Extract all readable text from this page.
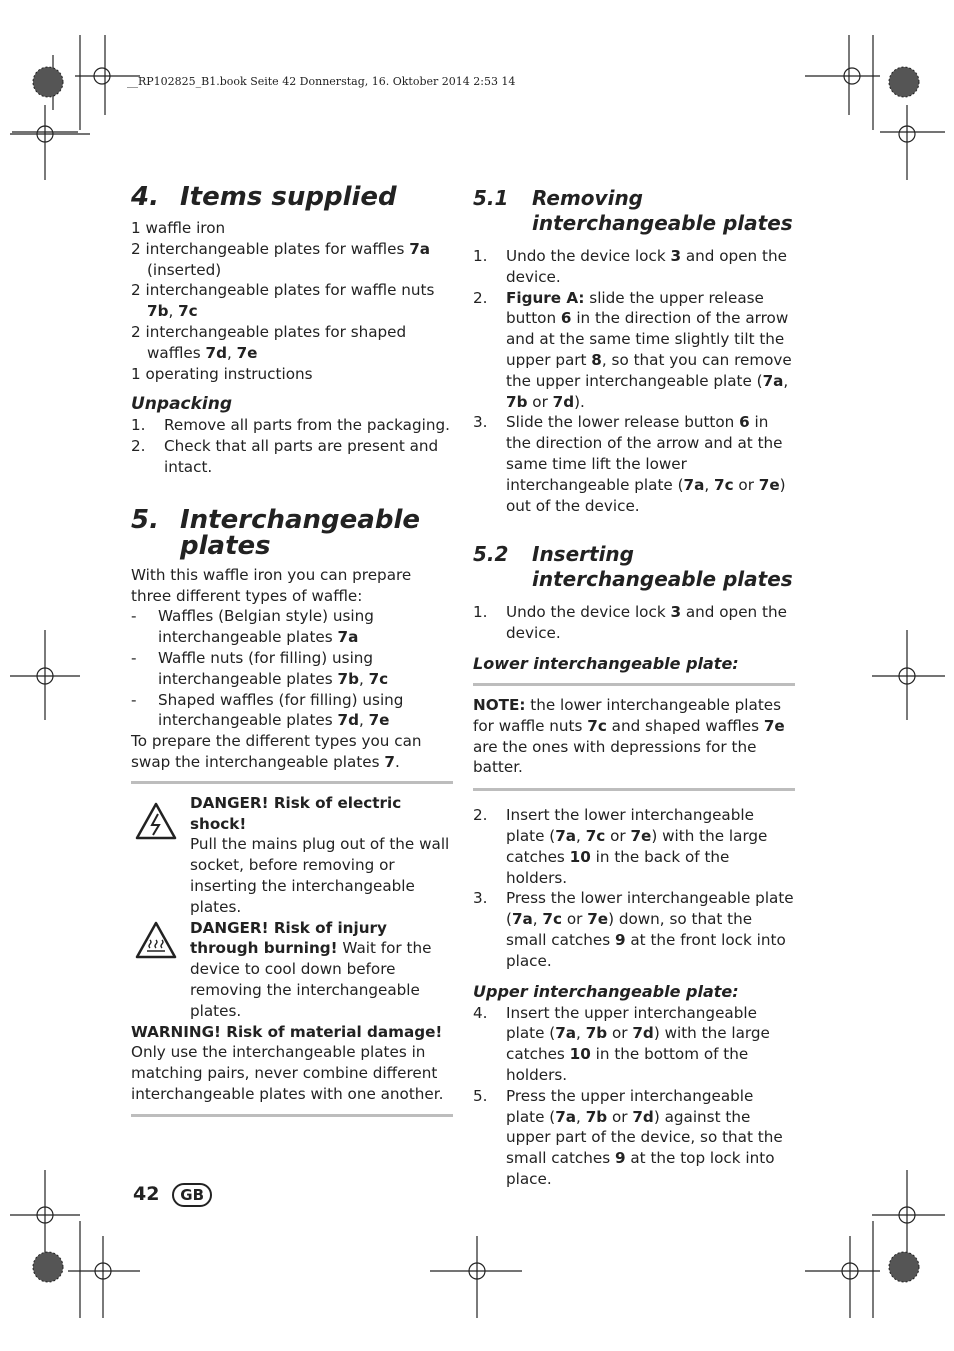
__RP102825_B1.book Seite 42 Donnerstag, 16. Oktober 2014 2:53 14
4. Items supplied

1 waffle iron

2 interchangeable plates for waffles 7a (inserted)

2 interchangeable plates for waffle nuts 7b, 7c

2 interchangeable plates for shaped waffles 7d, 7e

1 operating instructions

Unpacking
1. Remove all parts from the packaging.
2. Check that all parts are present and intact.
5. Interchangeable plates

With this waffle iron you can prepare three different types of waffle:

- Waffles (Belgian style) using interchangeable plates 7a
- Waffle nuts (for filling) using interchangeable plates 7b, 7c
- Shaped waffles (for filling) using interchangeable plates 7d, 7e

To prepare the different types you can swap the interchangeable plates 7.

DANGER! Risk of electric shock!
Pull the mains plug out of the wall socket, before removing or inserting the interchangeable plates.
DANGER! Risk of injury through burning! Wait for the device to cool down before removing the interchangeable plates.
WARNING! Risk of material damage! Only use the interchangeable plates in matching pairs, never combine different interchangeable plates with one another.
5.1 Removing interchangeable plates
1. Undo the device lock 3 and open the device.
2. Figure A: slide the upper release button 6 in the direction of the arrow and at the same time slightly tilt the upper part 8, so that you can remove the upper interchangeable plate (7a, 7b or 7d).
3. Slide the lower release button 6 in the direction of the arrow and at the same time lift the lower interchangeable plate (7a, 7c or 7e) out of the device.
5.2 Inserting interchangeable plates
1. Undo the device lock 3 and open the device.
Lower interchangeable plate:
NOTE: the lower interchangeable plates for waffle nuts 7c and shaped waffles 7e are the ones with depressions for the batter.
2. Insert the lower interchangeable plate (7a, 7c or 7e) with the large catches 10 in the back of the holders.
3. Press the lower interchangeable plate (7a, 7c or 7e) down, so that the small catches 9 at the front lock into place.
Upper interchangeable plate:
4. Insert the upper interchangeable plate (7a, 7b or 7d) with the large catches 10 in the bottom of the holders.
5. Press the upper interchangeable plate (7a, 7b or 7d) against the upper part of the device, so that the small catches 9 at the top lock into place.
42 GB
